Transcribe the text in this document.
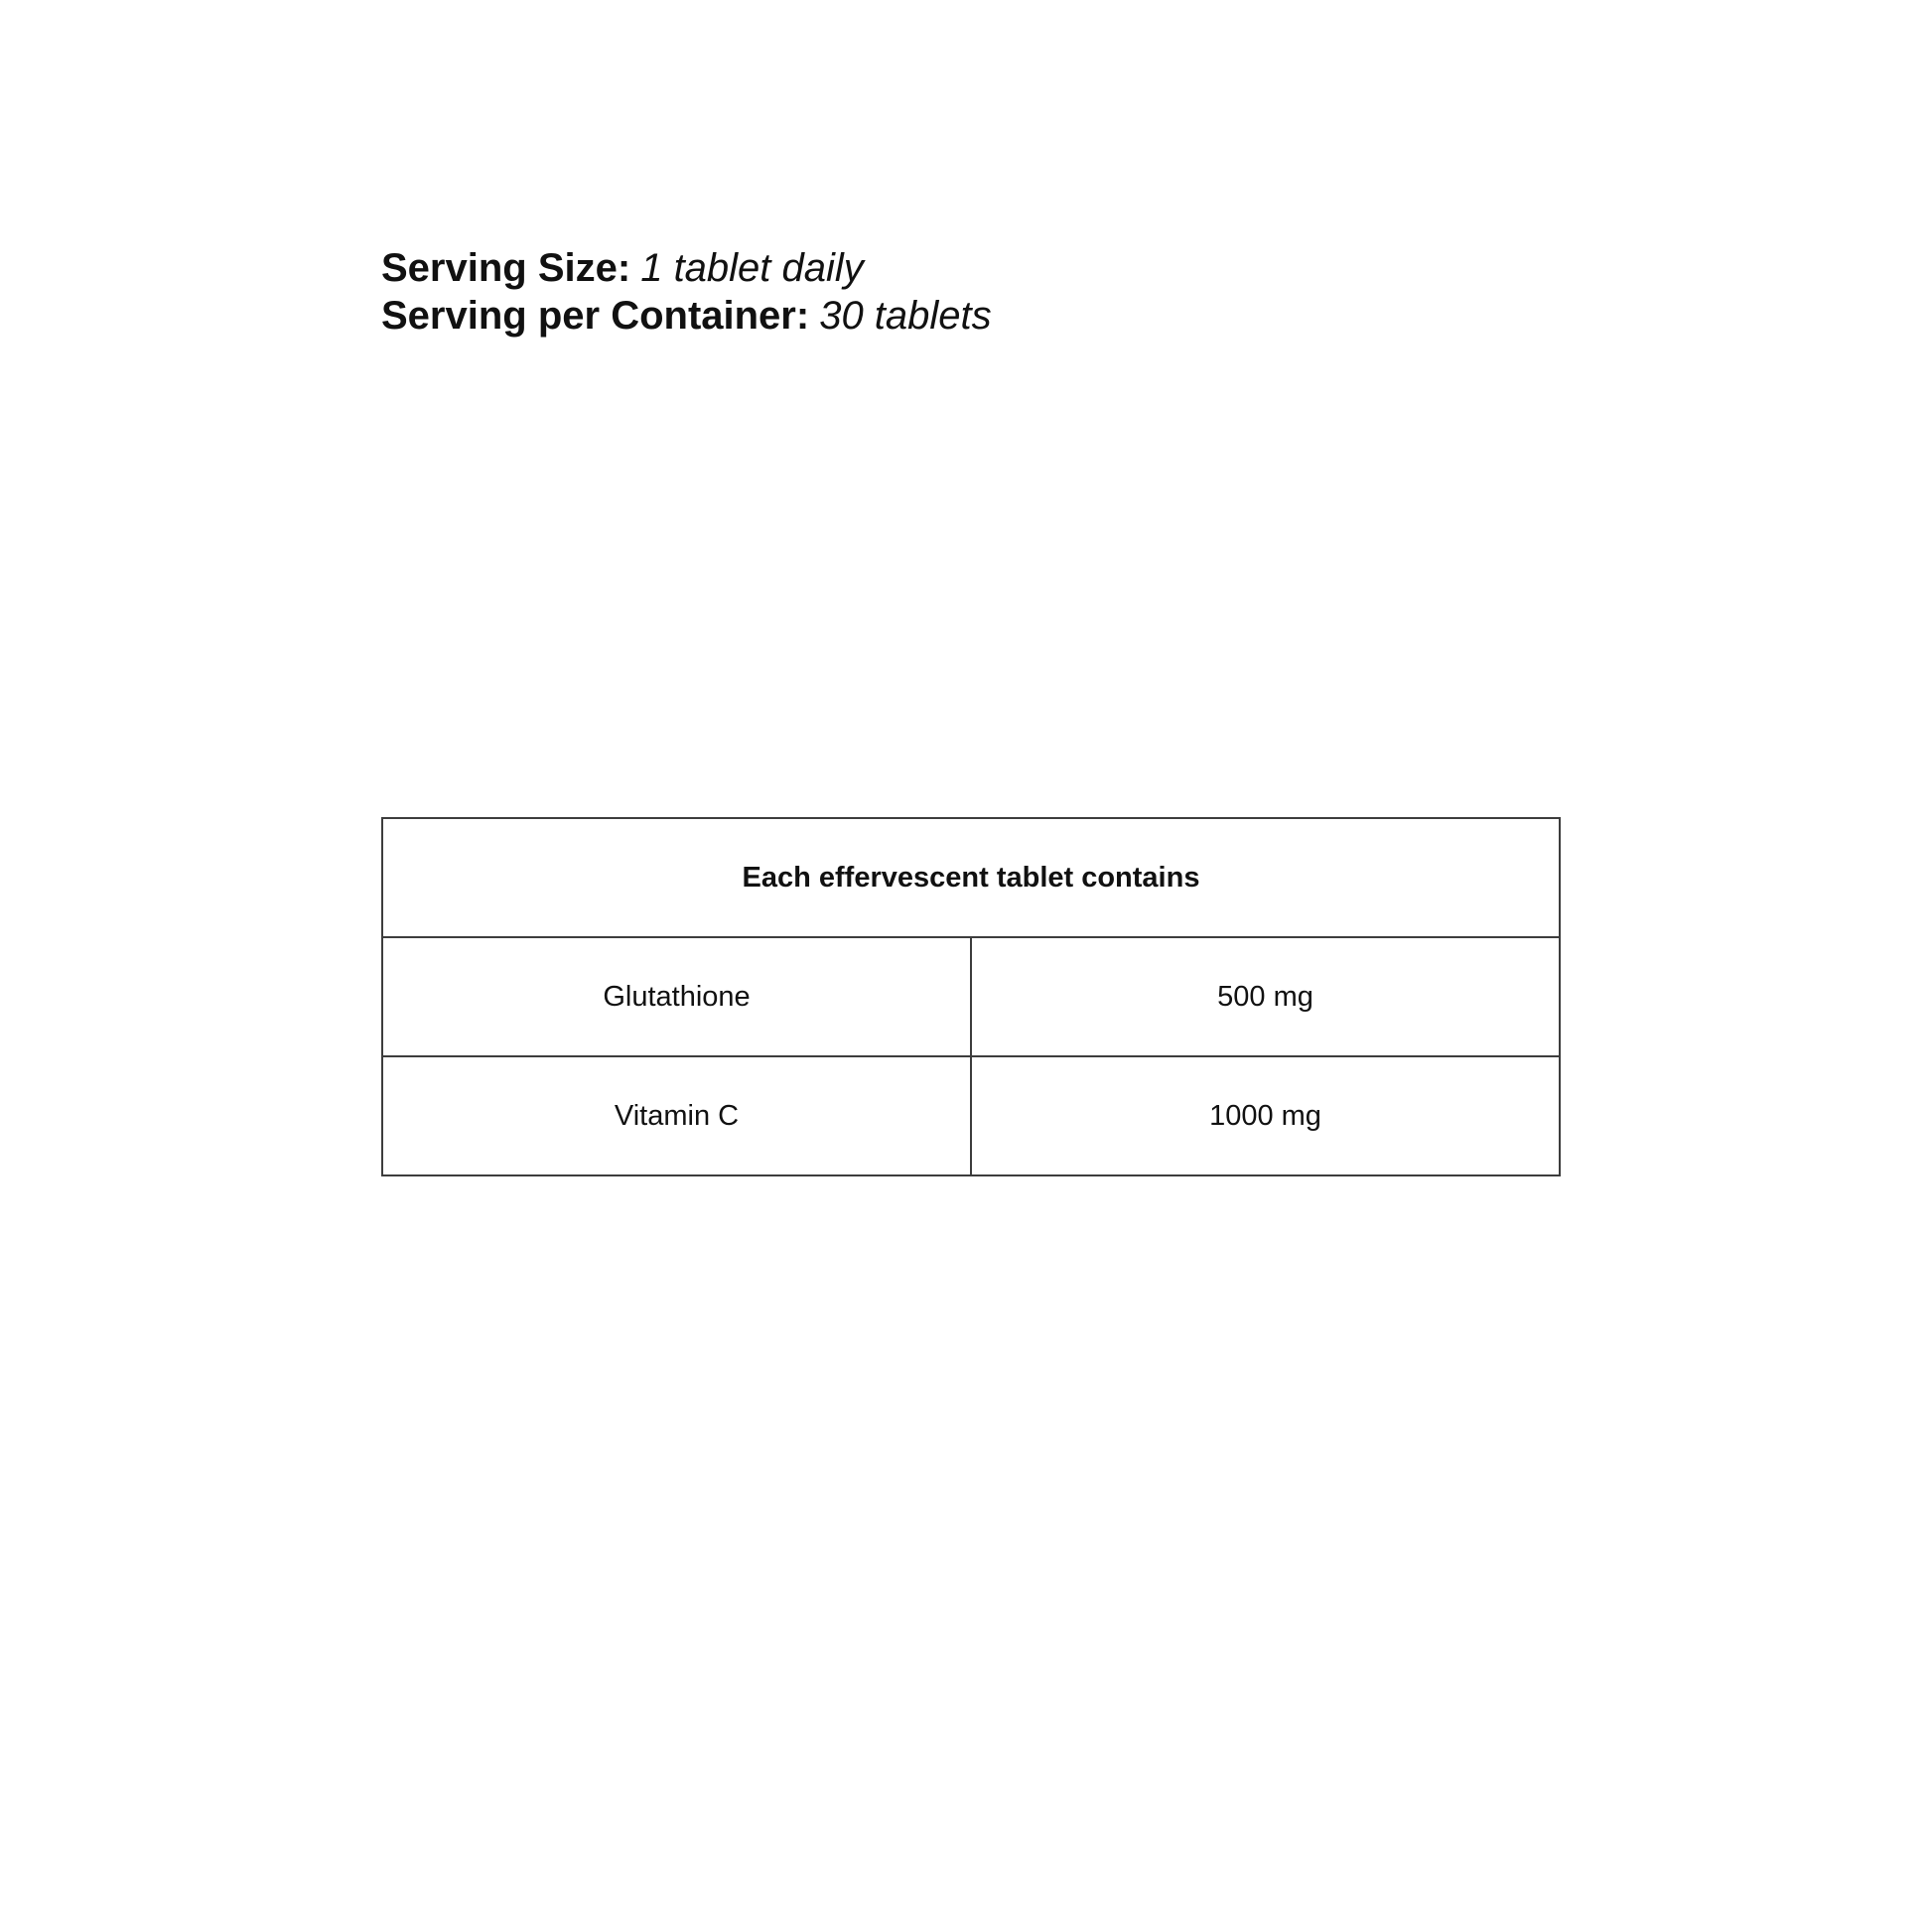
Serving Size: 1 tablet daily

Serving per Container: 30 tablets

Each effervescent tablet contains	
Glutathione	500 mg
Vitamin C	1000 mg
